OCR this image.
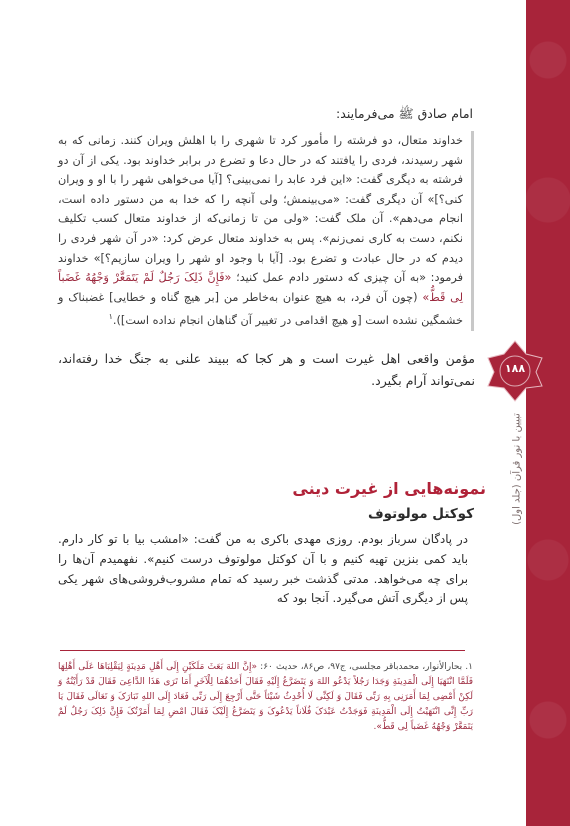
امام صادق ﷺ می‌فرمایند:
خداوند متعال، دو فرشته را مأمور کرد تا شهری را با اهلش ویران کنند. زمانی که به شهر رسیدند، فردی را یافتند که در حال دعا و تضرع در برابر خداوند بود. یکی از آن دو فرشته به دیگری گفت: «این فرد عابد را نمی‌بینی؟ [آیا می‌خواهی شهر را با او و ویران کنی؟]» آن دیگری گفت: «می‌بینمش؛ ولی آنچه را که خدا به من دستور داده است، انجام می‌دهم». آن ملک گفت: «ولی من تا زمانی‌که از خداوند متعال کسب تکلیف نکنم، دست به کاری نمی‌زنم». پس به خداوند متعال عرض کرد: «در آن شهر فردی را دیدم که در حال عبادت و تضرع بود. [آیا با وجود او شهر را ویران سازیم؟]» خداوند فرمود: «به آن چیزی که دستور دادم عمل کنید؛ «فَإِنَّ ذَلِکَ رَجُلٌ لَمْ یَتَمَعَّرْ وَجْهُهُ غَضَباً لِی قَطُّ» (چون آن فرد، به هیچ عنوان به‌خاطر من [بر هیچ گناه و خطایی] غضبناک و خشمگین نشده است [و هیچ اقدامی در تغییر آن گناهان انجام نداده است]).$^۱$
مؤمن واقعی اهل غیرت است و هر کجا که ببیند علنی به جنگ خدا رفته‌اند، نمی‌تواند آرام بگیرد.
نمونه‌هایی از غیرت دینی
کوکتل مولوتوف
در پادگان سرباز بودم. روزی مهدی باکری به من گفت: «امشب بیا با تو کار دارم. باید کمی بنزین تهیه کنیم و با آن کوکتل مولوتوف درست کنیم». نفهمیدم آن‌ها را برای چه می‌خواهد. مدتی گذشت خبر رسید که تمام مشروب‌فروشی‌های شهر یکی پس از دیگری آتش می‌گیرد. آنجا بود که
۱. بحارالأنوار، محمدباقر مجلسی، ج۹۷، ص۸۶، حدیث ۶۰: «إِنَّ اللهَ بَعَثَ مَلَکَیْنِ إِلَی أَهْلِ مَدِینَةٍ لِیَقْلِبَاهَا عَلَی أَهْلِهَا فَلَمَّا انْتَهَیَا إِلَی الْمَدِینَةِ وَجَدَا رَجُلاً یَدْعُو اللهَ وَ یَتَضَرَّعُ إِلَیْهِ فَقَالَ أَحَدُهُمَا لِلْآخَرِ أَمَا تَرَی هَذَا الدَّاعِیَ فَقَالَ قَدْ رَأَیْتُهُ وَ لَکِنْ أَمْضِی لِمَا أَمَرَنِی بِهِ رَبِّی فَقَالَ وَ لَکِنِّی لَا أُحْدِثُ شَیْئاً حَتَّی أَرْجِعَ إِلَی رَبِّی فَعَادَ إِلَی اللهِ تَبَارَکَ وَ تَعَالَی فَقَالَ یَا رَبِّ إِنِّی انْتَهَیْتُ إِلَی الْمَدِینَةِ فَوَجَدْتُ عَبْدَکَ فُلَاناً یَدْعُوکَ وَ یَتَضَرَّعُ إِلَیْکَ فَقَالَ امْضِ لِمَا أَمَرْتُکَ فَإِنَّ ذَلِکَ رَجُلٌ لَمْ یَتَمَعَّرْ وَجْهُهُ غَضَباً لِی قَطُّ».
۱۸۸
تبیین با نور قرآن (جلد اول)
